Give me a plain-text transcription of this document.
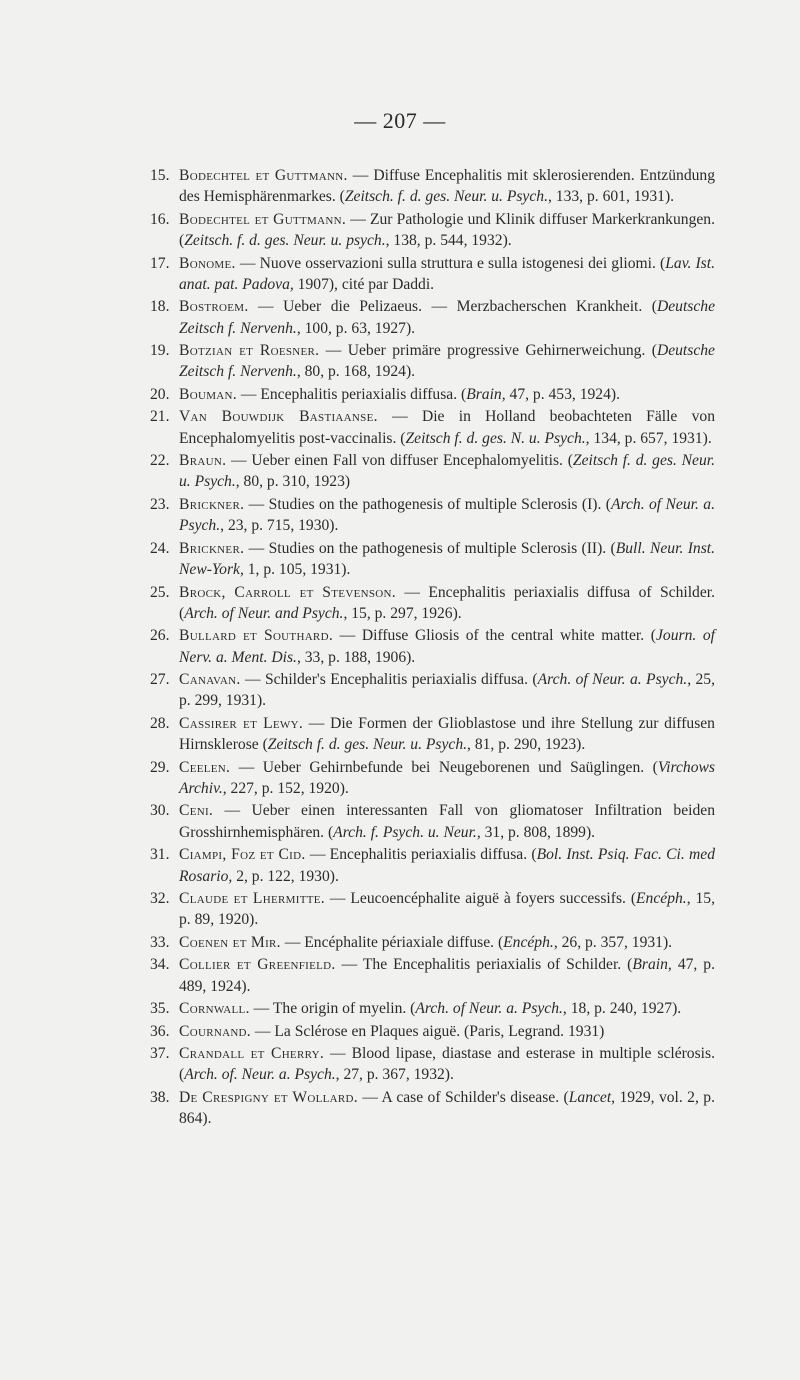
— 207 —
15. Bodechtel et Guttmann. — Diffuse Encephalitis mit sklerosierenden. Entzündung des Hemisphärenmarkes. (Zeitsch. f. d. ges. Neur. u. Psych., 133, p. 601, 1931).
16. Bodechtel et Guttmann. — Zur Pathologie und Klinik diffuser Markerkrankungen. (Zeitsch. f. d. ges. Neur. u. psych., 138, p. 544, 1932).
17. Bonome. — Nuove osservazioni sulla struttura e sulla istogenesi dei gliomi. (Lav. Ist. anat. pat. Padova, 1907), cité par Daddi.
18. Bostroem. — Ueber die Pelizaeus. — Merzbacherschen Krankheit. (Deutsche Zeitsch f. Nervenh., 100, p. 63, 1927).
19. Botzian et Roesner. — Ueber primäre progressive Gehirnerweichung. (Deutsche Zeitsch f. Nervenh., 80, p. 168, 1924).
20. Bouman. — Encephalitis periaxialis diffusa. (Brain, 47, p. 453, 1924).
21. Van Bouwdijk Bastiaanse. — Die in Holland beobachteten Fälle von Encephalomyelitis post-vaccinalis. (Zeitsch f. d. ges. N. u. Psych., 134, p. 657, 1931).
22. Braun. — Ueber einen Fall von diffuser Encephalomyelitis. (Zeitsch f. d. ges. Neur. u. Psych., 80, p. 310, 1923)
23. Brickner. — Studies on the pathogenesis of multiple Sclerosis (I). (Arch. of Neur. a. Psych., 23, p. 715, 1930).
24. Brickner. — Studies on the pathogenesis of multiple Sclerosis (II). (Bull. Neur. Inst. New-York, 1, p. 105, 1931).
25. Brock, Carroll et Stevenson. — Encephalitis periaxialis diffusa of Schilder. (Arch. of Neur. and Psych., 15, p. 297, 1926).
26. Bullard et Southard. — Diffuse Gliosis of the central white matter. (Journ. of Nerv. a. Ment. Dis., 33, p. 188, 1906).
27. Canavan. — Schilder's Encephalitis periaxialis diffusa. (Arch. of Neur. a. Psych., 25, p. 299, 1931).
28. Cassirer et Lewy. — Die Formen der Glioblastose und ihre Stellung zur diffusen Hirnsklerose (Zeitsch f. d. ges. Neur. u. Psych., 81, p. 290, 1923).
29. Ceelen. — Ueber Gehirnbefunde bei Neugeborenen und Saüglingen. (Virchows Archiv., 227, p. 152, 1920).
30. Ceni. — Ueber einen interessanten Fall von gliomatoser Infiltration beiden Grosshirnhemisphären. (Arch. f. Psych. u. Neur., 31, p. 808, 1899).
31. Ciampi, Foz et Cid. — Encephalitis periaxialis diffusa. (Bol. Inst. Psiq. Fac. Ci. med Rosario, 2, p. 122, 1930).
32. Claude et Lhermitte. — Leucoencéphalite aiguë à foyers successifs. (Encéph., 15, p. 89, 1920).
33. Coenen et Mir. — Encéphalite périaxiale diffuse. (Encéph., 26, p. 357, 1931).
34. Collier et Greenfield. — The Encephalitis periaxialis of Schilder. (Brain, 47, p. 489, 1924).
35. Cornwall. — The origin of myelin. (Arch. of Neur. a. Psych., 18, p. 240, 1927).
36. Cournand. — La Sclérose en Plaques aiguë. (Paris, Legrand. 1931)
37. Crandall et Cherry. — Blood lipase, diastase and esterase in multiple sclérosis. (Arch. of. Neur. a. Psych., 27, p. 367, 1932).
38. De Crespigny et Wollard. — A case of Schilder's disease. (Lancet, 1929, vol. 2, p. 864).
